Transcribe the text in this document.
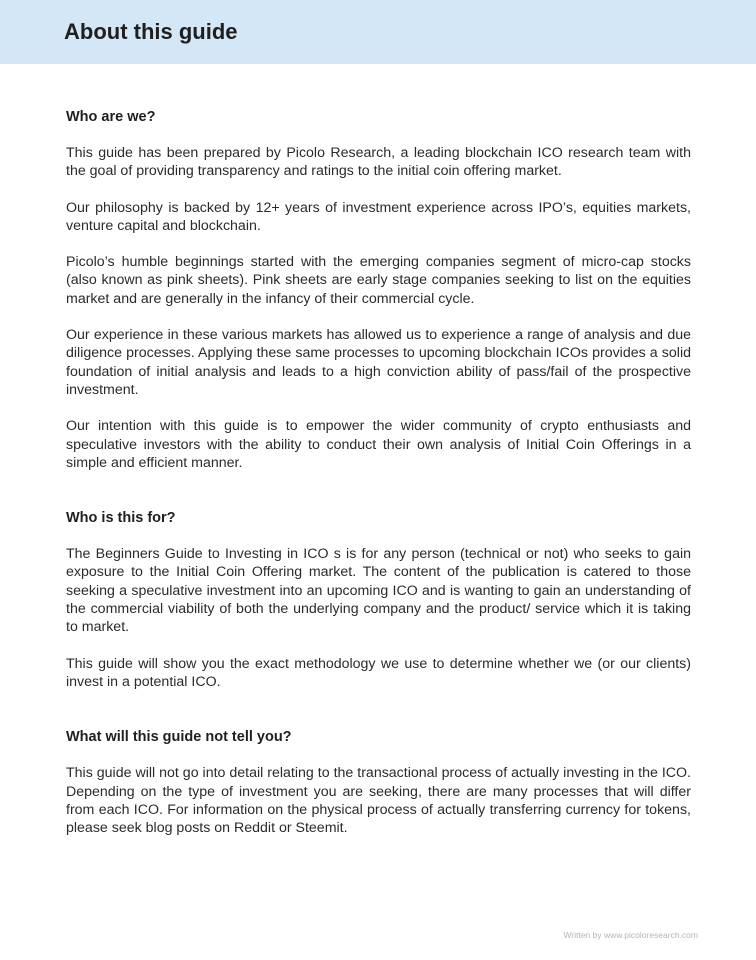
About this guide
Who are we?

This guide has been prepared by Picolo Research, a leading blockchain ICO research team with the goal of providing transparency and ratings to the initial coin offering market.

Our philosophy is backed by 12+ years of investment experience across IPO’s, equities markets, venture capital and blockchain.

Picolo’s humble beginnings started with the emerging companies segment of micro-cap stocks (also known as pink sheets). Pink sheets are early stage companies seeking to list on the equities market and are generally in the infancy of their commercial cycle.

Our experience in these various markets has allowed us to experience a range of analysis and due diligence processes. Applying these same processes to upcoming blockchain ICOs provides a solid foundation of initial analysis and leads to a high conviction ability of pass/fail of the prospective investment.

Our intention with this guide is to empower the wider community of crypto enthusiasts and speculative investors with the ability to conduct their own analysis of Initial Coin Offerings in a simple and efficient manner.

Who is this for?

The Beginners Guide to Investing in ICO s is for any person (technical or not) who seeks to gain exposure to the Initial Coin Offering market. The content of the publication is catered to those seeking a speculative investment into an upcoming ICO and is wanting to gain an understanding of the commercial viability of both the underlying company and the product/ service which it is taking to market.

This guide will show you the exact methodology we use to determine whether we (or our clients) invest in a potential ICO.

What will this guide not tell you?

This guide will not go into detail relating to the transactional process of actually investing in the ICO. Depending on the type of investment you are seeking, there are many processes that will differ from each ICO. For information on the physical process of actually transferring currency for tokens, please seek blog posts on Reddit or Steemit.

Written by www.picoloresearch.com
